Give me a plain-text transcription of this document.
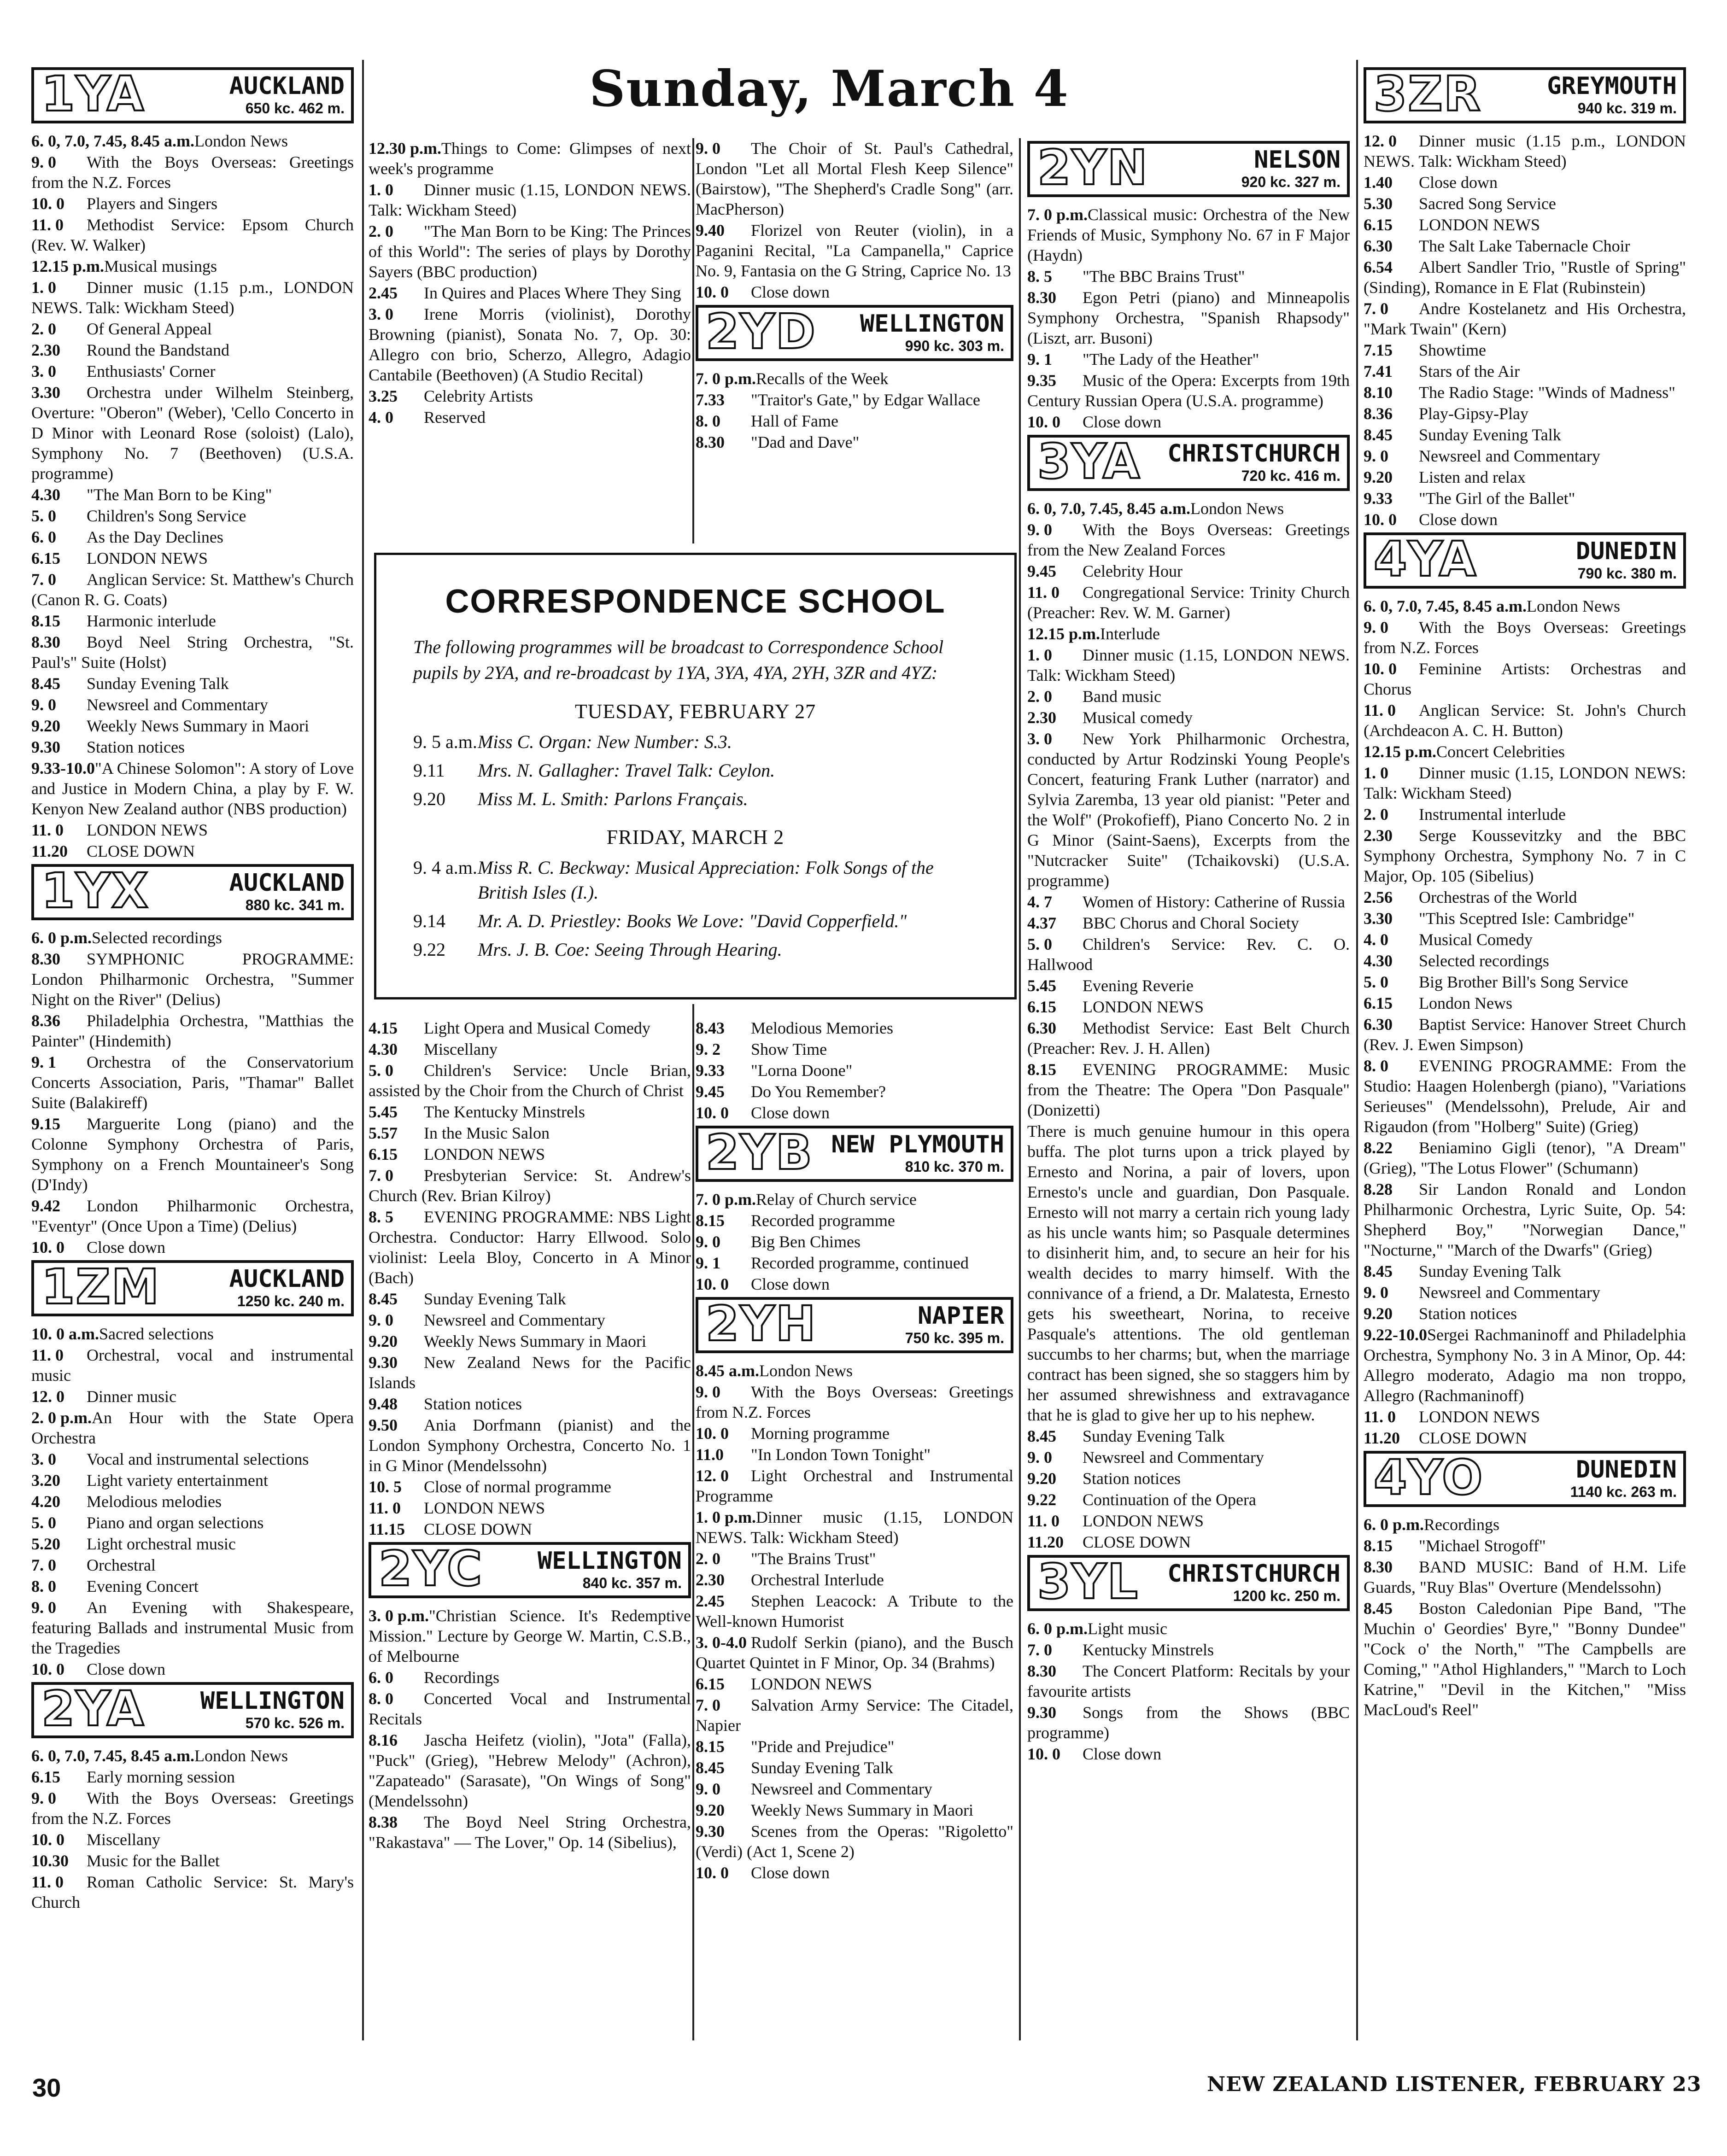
Sunday, March 4
1YA	AUCKLAND
650 kc. 462 m.
6. 0, 7.0, 7.45, 8.45 a.m.London News
9. 0 With the Boys Overseas: Greetings from the N.Z. Forces
10. 0 Players and Singers
11. 0 Methodist Service: Epsom Church (Rev. W. Walker)
12.15 p.m.Musical musings
1. 0 Dinner music (1.15 p.m., LONDON NEWS. Talk: Wickham Steed)
2. 0 Of General Appeal
2.30 Round the Bandstand
3. 0 Enthusiasts' Corner
3.30 Orchestra under Wilhelm Steinberg, Overture: "Oberon" (Weber), 'Cello Concerto in D Minor with Leonard Rose (soloist) (Lalo), Symphony No. 7 (Beethoven) (U.S.A. programme)
4.30 "The Man Born to be King"
5. 0 Children's Song Service
6. 0 As the Day Declines
6.15 LONDON NEWS
7. 0 Anglican Service: St. Matthew's Church (Canon R. G. Coats)
8.15 Harmonic interlude
8.30 Boyd Neel String Orchestra, "St. Paul's" Suite (Holst)
8.45 Sunday Evening Talk
9. 0 Newsreel and Commentary
9.20 Weekly News Summary in Maori
9.30 Station notices
9.33-10.0"A Chinese Solomon": A story of Love and Justice in Modern China, a play by F. W. Kenyon New Zealand author (NBS production)
11. 0 LONDON NEWS
11.20 CLOSE DOWN
1YX	AUCKLAND
880 kc. 341 m.
6. 0 p.m.Selected recordings
8.30 SYMPHONIC PROGRAMME: London Philharmonic Orchestra, "Summer Night on the River" (Delius)
8.36 Philadelphia Orchestra, "Matthias the Painter" (Hindemith)
9. 1 Orchestra of the Conservatorium Concerts Association, Paris, "Thamar" Ballet Suite (Balakireff)
9.15 Marguerite Long (piano) and the Colonne Symphony Orchestra of Paris, Symphony on a French Mountaineer's Song (D'Indy)
9.42 London Philharmonic Orchestra, "Eventyr" (Once Upon a Time) (Delius)
10. 0 Close down
1ZM	AUCKLAND
1250 kc. 240 m.
10. 0 a.m.Sacred selections
11. 0 Orchestral, vocal and instrumental music
12. 0 Dinner music
2. 0 p.m.An Hour with the State Opera Orchestra
3. 0 Vocal and instrumental selections
3.20 Light variety entertainment
4.20 Melodious melodies
5. 0 Piano and organ selections
5.20 Light orchestral music
7. 0 Orchestral
8. 0 Evening Concert
9. 0 An Evening with Shakespeare, featuring Ballads and instrumental Music from the Tragedies
10. 0 Close down
2YA	WELLINGTON
570 kc. 526 m.
6. 0, 7.0, 7.45, 8.45 a.m.London News
6.15 Early morning session
9. 0 With the Boys Overseas: Greetings from the N.Z. Forces
10. 0 Miscellany
10.30 Music for the Ballet
11. 0 Roman Catholic Service: St. Mary's Church
12.30 p.m.Things to Come: Glimpses of next week's programme
1. 0 Dinner music (1.15, LONDON NEWS. Talk: Wickham Steed)
2. 0 "The Man Born to be King: The Princes of this World": The series of plays by Dorothy Sayers (BBC production)
2.45 In Quires and Places Where They Sing
3. 0 Irene Morris (violinist), Dorothy Browning (pianist), Sonata No. 7, Op. 30: Allegro con brio, Scherzo, Allegro, Adagio Cantabile (Beethoven) (A Studio Recital)
3.25 Celebrity Artists
4. 0 Reserved
9. 0 The Choir of St. Paul's Cathedral, London "Let all Mortal Flesh Keep Silence" (Bairstow), "The Shepherd's Cradle Song" (arr. MacPherson)
9.40 Florizel von Reuter (violin), in a Paganini Recital, "La Campanella," Caprice No. 9, Fantasia on the G String, Caprice No. 13
10. 0 Close down
2YD	WELLINGTON
990 kc. 303 m.
7. 0 p.m.Recalls of the Week
7.33 "Traitor's Gate," by Edgar Wallace
8. 0 Hall of Fame
8.30 "Dad and Dave"
CORRESPONDENCE SCHOOL
The following programmes will be broadcast to Correspondence School pupils by 2YA, and re-broadcast by 1YA, 3YA, 4YA, 2YH, 3ZR and 4YZ:
TUESDAY, FEBRUARY 27
9. 5 a.m. Miss C. Organ: New Number: S.3.
9.11	Mrs. N. Gallagher: Travel Talk: Ceylon.
9.20	Miss M. L. Smith: Parlons Français.
FRIDAY, MARCH 2
9. 4 a.m. Miss R. C. Beckway: Musical Appreciation: Folk Songs of the British Isles (I.).
9.14	Mr. A. D. Priestley: Books We Love: "David Copperfield."
9.22	Mrs. J. B. Coe: Seeing Through Hearing.
4.15 Light Opera and Musical Comedy
4.30 Miscellany
5. 0 Children's Service: Uncle Brian, assisted by the Choir from the Church of Christ
5.45 The Kentucky Minstrels
5.57 In the Music Salon
6.15 LONDON NEWS
7. 0 Presbyterian Service: St. Andrew's Church (Rev. Brian Kilroy)
8. 5 EVENING PROGRAMME: NBS Light Orchestra. Conductor: Harry Ellwood. Solo violinist: Leela Bloy, Concerto in A Minor (Bach)
8.45 Sunday Evening Talk
9. 0 Newsreel and Commentary
9.20 Weekly News Summary in Maori
9.30 New Zealand News for the Pacific Islands
9.48 Station notices
9.50 Ania Dorfmann (pianist) and the London Symphony Orchestra, Concerto No. 1 in G Minor (Mendelssohn)
10. 5 Close of normal programme
11. 0 LONDON NEWS
11.15 CLOSE DOWN
2YC	WELLINGTON
840 kc. 357 m.
3. 0 p.m."Christian Science. It's Redemptive Mission." Lecture by George W. Martin, C.S.B., of Melbourne
6. 0 Recordings
8. 0 Concerted Vocal and Instrumental Recitals
8.16 Jascha Heifetz (violin), "Jota" (Falla), "Puck" (Grieg), "Hebrew Melody" (Achron), "Zapateado" (Sarasate), "On Wings of Song" (Mendelssohn)
8.38 The Boyd Neel String Orchestra, "Rakastava" — The Lover," Op. 14 (Sibelius),
8.43 Melodious Memories
9. 2 Show Time
9.33 "Lorna Doone"
9.45 Do You Remember?
10. 0 Close down
2YB NEW PLYMOUTH
810 kc. 370 m.
7. 0 p.m.Relay of Church service
8.15 Recorded programme
9. 0 Big Ben Chimes
9. 1 Recorded programme, continued
10. 0 Close down
2YH	NAPIER
750 kc. 395 m.
8.45 a.m.London News
9. 0 With the Boys Overseas: Greetings from N.Z. Forces
10. 0 Morning programme
11.0 "In London Town Tonight"
12. 0 Light Orchestral and Instrumental Programme
1. 0 p.m.Dinner music (1.15, LONDON NEWS. Talk: Wickham Steed)
2. 0 "The Brains Trust"
2.30 Orchestral Interlude
2.45 Stephen Leacock: A Tribute to the Well-known Humorist
3. 0-4.0 Rudolf Serkin (piano), and the Busch Quartet Quintet in F Minor, Op. 34 (Brahms)
6.15 LONDON NEWS
7. 0 Salvation Army Service: The Citadel, Napier
8.15 "Pride and Prejudice"
8.45 Sunday Evening Talk
9. 0 Newsreel and Commentary
9.20 Weekly News Summary in Maori
9.30 Scenes from the Operas: "Rigoletto" (Verdi) (Act 1, Scene 2)
10. 0 Close down
2YN	NELSON
920 kc. 327 m.
7. 0 p.m.Classical music: Orchestra of the New Friends of Music, Symphony No. 67 in F Major (Haydn)
8. 5 "The BBC Brains Trust"
8.30 Egon Petri (piano) and Minneapolis Symphony Orchestra, "Spanish Rhapsody" (Liszt, arr. Busoni)
9. 1 "The Lady of the Heather"
9.35 Music of the Opera: Excerpts from 19th Century Russian Opera (U.S.A. programme)
10. 0 Close down
3YA	CHRISTCHURCH
720 kc. 416 m.
6. 0, 7.0, 7.45, 8.45 a.m.London News
9. 0 With the Boys Overseas: Greetings from the New Zealand Forces
9.45 Celebrity Hour
11. 0 Congregational Service: Trinity Church (Preacher: Rev. W. M. Garner)
12.15 p.m.Interlude
1. 0 Dinner music (1.15, LONDON NEWS. Talk: Wickham Steed)
2. 0 Band music
2.30 Musical comedy
3. 0 New York Philharmonic Orchestra, conducted by Artur Rodzinski Young People's Concert, featuring Frank Luther (narrator) and Sylvia Zaremba, 13 year old pianist: "Peter and the Wolf" (Prokofieff), Piano Concerto No. 2 in G Minor (Saint-Saens), Excerpts from the "Nutcracker Suite" (Tchaikovski) (U.S.A. programme)
4. 7 Women of History: Catherine of Russia
4.37 BBC Chorus and Choral Society
5. 0 Children's Service: Rev. C. O. Hallwood
5.45 Evening Reverie
6.15 LONDON NEWS
6.30 Methodist Service: East Belt Church (Preacher: Rev. J. H. Allen)
8.15 EVENING PROGRAMME: Music from the Theatre: The Opera "Don Pasquale" (Donizetti)
There is much genuine humour in this opera buffa. The plot turns upon a trick played by Ernesto and Norina, a pair of lovers, upon Ernesto's uncle and guardian, Don Pasquale. Ernesto will not marry a certain rich young lady as his uncle wants him; so Pasquale determines to disinherit him, and, to secure an heir for his wealth decides to marry himself. With the connivance of a friend, a Dr. Malatesta, Ernesto gets his sweetheart, Norina, to receive Pasquale's attentions. The old gentleman succumbs to her charms; but, when the marriage contract has been signed, she so staggers him by her assumed shrewishness and extravagance that he is glad to give her up to his nephew.
8.45 Sunday Evening Talk
9. 0 Newsreel and Commentary
9.20 Station notices
9.22 Continuation of the Opera
11. 0 LONDON NEWS
11.20 CLOSE DOWN
3YL	CHRISTCHURCH
1200 kc. 250 m.
6. 0 p.m.Light music
7. 0 Kentucky Minstrels
8.30 The Concert Platform: Recitals by your favourite artists
9.30 Songs from the Shows (BBC programme)
10. 0 Close down
3ZR	GREYMOUTH
940 kc. 319 m.
12. 0 Dinner music (1.15 p.m., LONDON NEWS. Talk: Wickham Steed)
1.40 Close down
5.30 Sacred Song Service
6.15 LONDON NEWS
6.30 The Salt Lake Tabernacle Choir
6.54 Albert Sandler Trio, "Rustle of Spring" (Sinding), Romance in E Flat (Rubinstein)
7. 0 Andre Kostelanetz and His Orchestra, "Mark Twain" (Kern)
7.15 Showtime
7.41 Stars of the Air
8.10 The Radio Stage: "Winds of Madness"
8.36 Play-Gipsy-Play
8.45 Sunday Evening Talk
9. 0 Newsreel and Commentary
9.20 Listen and relax
9.33 "The Girl of the Ballet"
10. 0 Close down
4YA	DUNEDIN
790 kc. 380 m.
6. 0, 7.0, 7.45, 8.45 a.m.London News
9. 0 With the Boys Overseas: Greetings from N.Z. Forces
10. 0 Feminine Artists: Orchestras and Chorus
11. 0 Anglican Service: St. John's Church (Archdeacon A. C. H. Button)
12.15 p.m.Concert Celebrities
1. 0 Dinner music (1.15, LONDON NEWS: Talk: Wickham Steed)
2. 0 Instrumental interlude
2.30 Serge Koussevitzky and the BBC Symphony Orchestra, Symphony No. 7 in C Major, Op. 105 (Sibelius)
2.56 Orchestras of the World
3.30 "This Sceptred Isle: Cambridge"
4. 0 Musical Comedy
4.30 Selected recordings
5. 0 Big Brother Bill's Song Service
6.15 London News
6.30 Baptist Service: Hanover Street Church (Rev. J. Ewen Simpson)
8. 0 EVENING PROGRAMME: From the Studio: Haagen Holenbergh (piano), "Variations Serieuses" (Mendelssohn), Prelude, Air and Rigaudon (from "Holberg" Suite) (Grieg)
8.22 Beniamino Gigli (tenor), "A Dream" (Grieg), "The Lotus Flower" (Schumann)
8.28 Sir Landon Ronald and London Philharmonic Orchestra, Lyric Suite, Op. 54: Shepherd Boy," "Norwegian Dance," "Nocturne," "March of the Dwarfs" (Grieg)
8.45 Sunday Evening Talk
9. 0 Newsreel and Commentary
9.20 Station notices
9.22-10.0Sergei Rachmaninoff and Philadelphia Orchestra, Symphony No. 3 in A Minor, Op. 44: Allegro moderato, Adagio ma non troppo, Allegro (Rachmaninoff)
11. 0 LONDON NEWS
11.20 CLOSE DOWN
4YO	DUNEDIN
1140 kc. 263 m.
6. 0 p.m.Recordings
8.15 "Michael Strogoff"
8.30 BAND MUSIC: Band of H.M. Life Guards, "Ruy Blas" Overture (Mendelssohn)
8.45 Boston Caledonian Pipe Band, "The Muchin o' Geordies' Byre," "Bonny Dundee" "Cock o' the North," "The Campbells are Coming," "Athol Highlanders," "March to Loch Katrine," "Devil in the Kitchen," "Miss MacLoud's Reel"
30	NEW ZEALAND LISTENER, FEBRUARY 23
